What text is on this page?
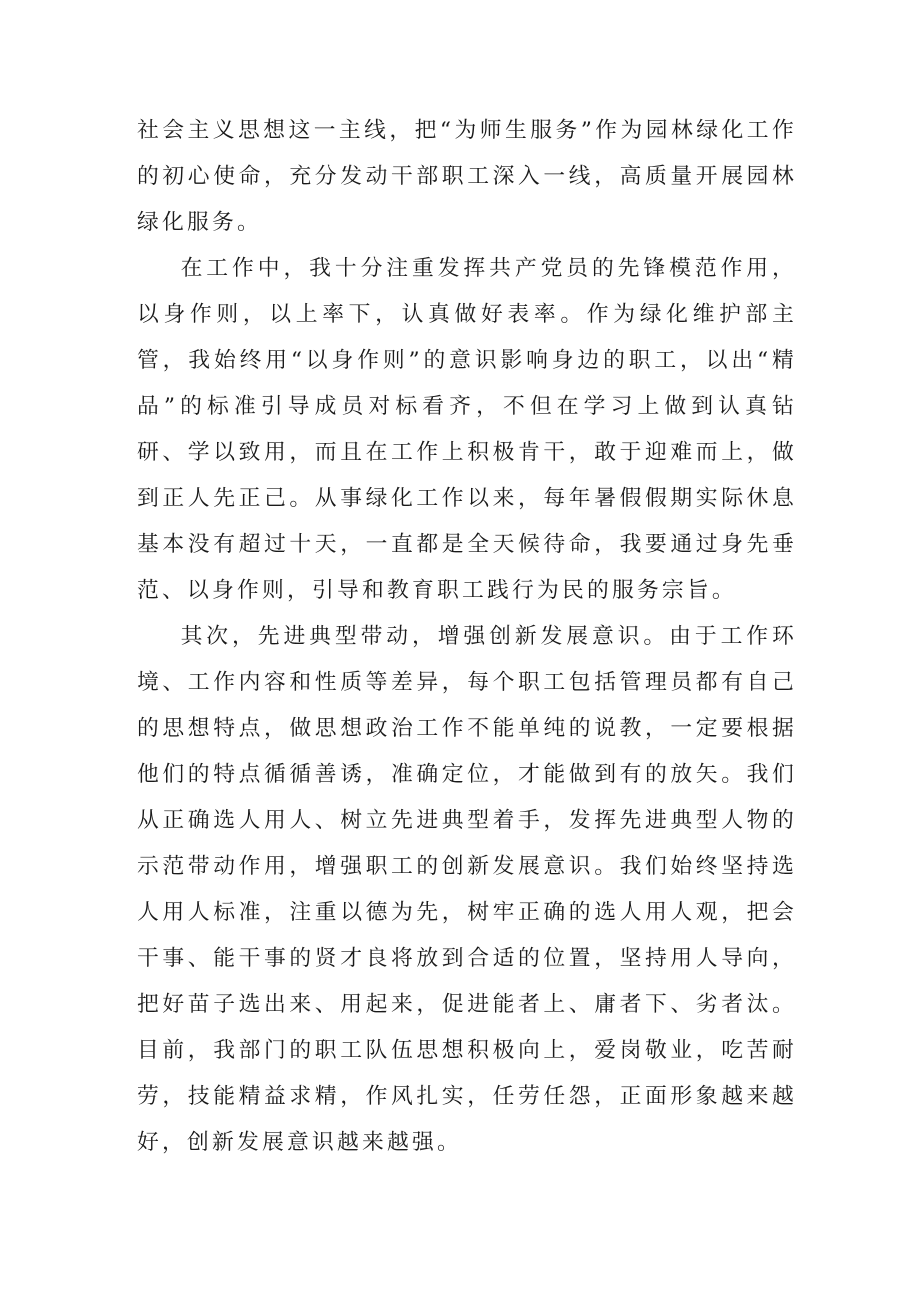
社会主义思想这一主线，把“为师生服务”作为园林绿化工作的初心使命，充分发动干部职工深入一线，高质量开展园林绿化服务。

在工作中，我十分注重发挥共产党员的先锋模范作用，以身作则，以上率下，认真做好表率。作为绿化维护部主管，我始终用“以身作则”的意识影响身边的职工，以出“精品”的标准引导成员对标看齐，不但在学习上做到认真钻研、学以致用，而且在工作上积极肯干，敢于迎难而上，做到正人先正己。从事绿化工作以来，每年暑假假期实际休息基本没有超过十天，一直都是全天候待命，我要通过身先垂范、以身作则，引导和教育职工践行为民的服务宗旨。

其次，先进典型带动，增强创新发展意识。由于工作环境、工作内容和性质等差异，每个职工包括管理员都有自己的思想特点，做思想政治工作不能单纯的说教，一定要根据他们的特点循循善诱，准确定位，才能做到有的放矢。我们从正确选人用人、树立先进典型着手，发挥先进典型人物的示范带动作用，增强职工的创新发展意识。我们始终坚持选人用人标准，注重以德为先，树牢正确的选人用人观，把会干事、能干事的贤才良将放到合适的位置，坚持用人导向，把好苗子选出来、用起来，促进能者上、庸者下、劣者汰。目前，我部门的职工队伍思想积极向上，爱岗敬业，吃苦耐劳，技能精益求精，作风扎实，任劳任怨，正面形象越来越好，创新发展意识越来越强。
